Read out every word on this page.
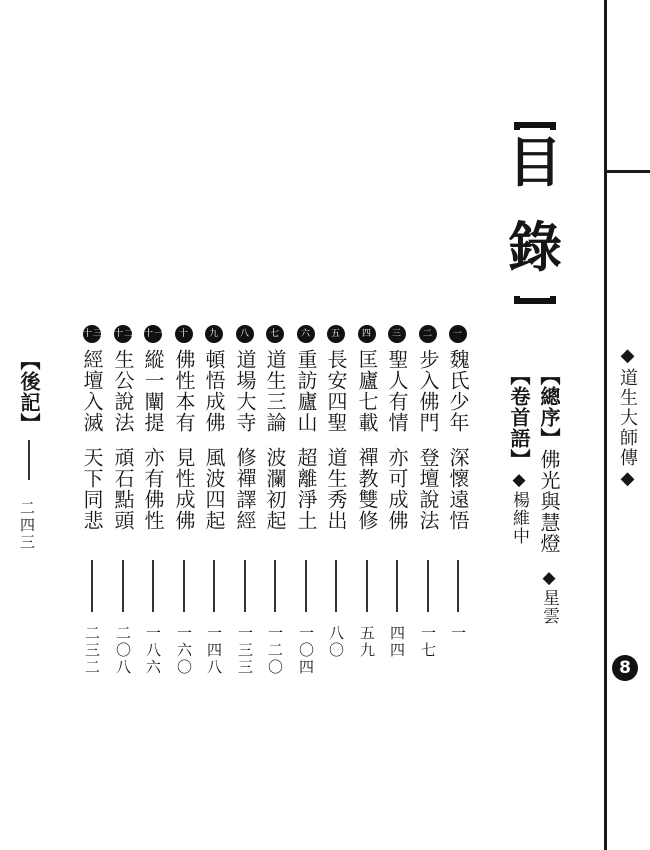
◆道生大師傳◆
8
目
錄
【總序】佛光與慧燈◆星雲
【卷首語】◆楊維中
一魏氏少年深懷遠悟
一
二步入佛門登壇說法
一七
三聖人有情亦可成佛
四四
四匡廬七載禪教雙修
五九
五長安四聖道生秀出
八〇
六重訪廬山超離淨土
一〇四
七道生三論波瀾初起
一二〇
八道場大寺修禪譯經
一三三
九頓悟成佛風波四起
一四八
十佛性本有見性成佛
一六〇
十一縱一闡提亦有佛性
一八六
十二生公說法頑石點頭
二〇八
十三經壇入滅天下同悲
二三二
【後記】
二四三
